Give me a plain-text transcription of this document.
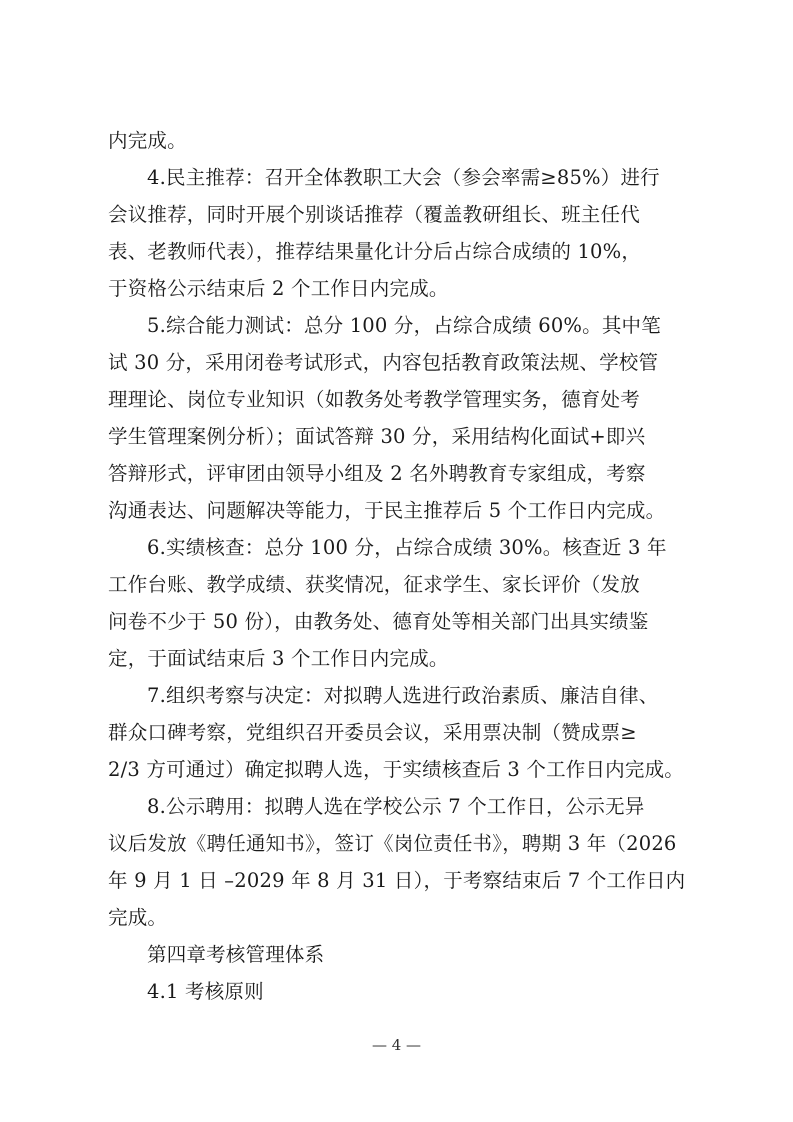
内完成。
4.民主推荐：召开全体教职工大会（参会率需≥85%）进行
会议推荐，同时开展个别谈话推荐（覆盖教研组长、班主任代
表、老教师代表），推荐结果量化计分后占综合成绩的 10%，
于资格公示结束后 2 个工作日内完成。
5.综合能力测试：总分 100 分，占综合成绩 60%。其中笔
试 30 分，采用闭卷考试形式，内容包括教育政策法规、学校管
理理论、岗位专业知识（如教务处考教学管理实务，德育处考
学生管理案例分析）；面试答辩 30 分，采用结构化面试+即兴
答辩形式，评审团由领导小组及 2 名外聘教育专家组成，考察
沟通表达、问题解决等能力，于民主推荐后 5 个工作日内完成。
6.实绩核查：总分 100 分，占综合成绩 30%。核查近 3 年
工作台账、教学成绩、获奖情况，征求学生、家长评价（发放
问卷不少于 50 份），由教务处、德育处等相关部门出具实绩鉴
定，于面试结束后 3 个工作日内完成。
7.组织考察与决定：对拟聘人选进行政治素质、廉洁自律、
群众口碑考察，党组织召开委员会议，采用票决制（赞成票≥
2/3 方可通过）确定拟聘人选，于实绩核查后 3 个工作日内完成。
8.公示聘用：拟聘人选在学校公示 7 个工作日，公示无异
议后发放《聘任通知书》，签订《岗位责任书》，聘期 3 年（2026
年 9 月 1 日 –2029 年 8 月 31 日），于考察结束后 7 个工作日内
完成。
第四章考核管理体系
4.1 考核原则
— 4 —
